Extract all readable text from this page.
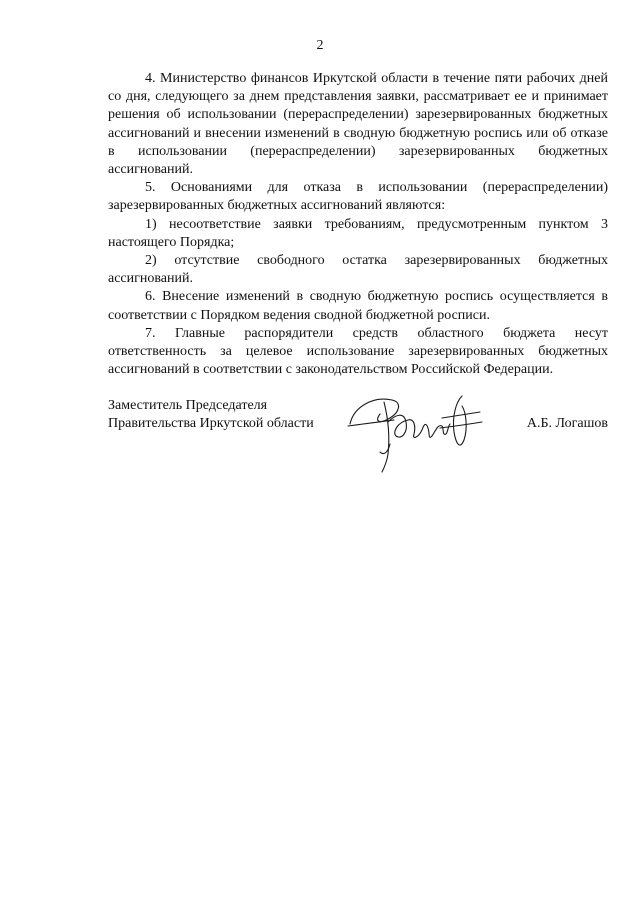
2

4. Министерство финансов Иркутской области в течение пяти рабочих дней со дня, следующего за днем представления заявки, рассматривает ее и принимает решения об использовании (перераспределении) зарезервированных бюджетных ассигнований и внесении изменений в сводную бюджетную роспись или об отказе в использовании (перераспределении) зарезервированных бюджетных ассигнований.

5. Основаниями для отказа в использовании (перераспределении) зарезервированных бюджетных ассигнований являются:

1) несоответствие заявки требованиям, предусмотренным пунктом 3 настоящего Порядка;

2) отсутствие свободного остатка зарезервированных бюджетных ассигнований.

6. Внесение изменений в сводную бюджетную роспись осуществляется в соответствии с Порядком ведения сводной бюджетной росписи.

7. Главные распорядители средств областного бюджета несут ответственность за целевое использование зарезервированных бюджетных ассигнований в соответствии с законодательством Российской Федерации.

Заместитель Председателя
Правительства Иркутской области	А.Б. Логашов
